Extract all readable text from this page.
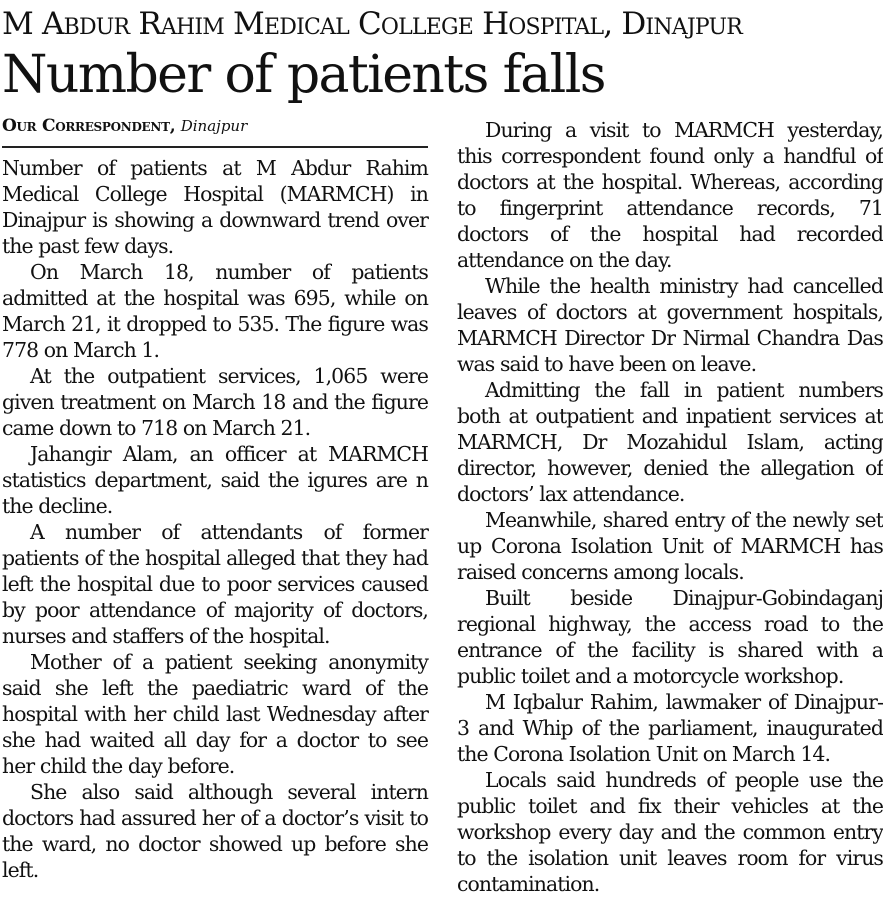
M Abdur Rahim Medical College Hospital, Dinajpur
Number of patients falls
Our Correspondent, Dinajpur

Number of patients at M Abdur Rahim Medical College Hospital (MARMCH) in Dinajpur is showing a downward trend over the past few days.

On March 18, number of patients admitted at the hospital was 695, while on March 21, it dropped to 535. The figure was 778 on March 1.

At the outpatient services, 1,065 were given treatment on March 18 and the figure came down to 718 on March 21.

Jahangir Alam, an officer at MARMCH statistics department, said the igures are n the decline.

A number of attendants of former patients of the hospital alleged that they had left the hospital due to poor services caused by poor attendance of majority of doctors, nurses and staffers of the hospital.

Mother of a patient seeking anonymity said she left the paediatric ward of the hospital with her child last Wednesday after she had waited all day for a doctor to see her child the day before.

She also said although several intern doctors had assured her of a doctor’s visit to the ward, no doctor showed up before she left.

During a visit to MARMCH yesterday, this correspondent found only a handful of doctors at the hospital. Whereas, according to fingerprint attendance records, 71 doctors of the hospital had recorded attendance on the day.

While the health ministry had cancelled leaves of doctors at government hospitals, MARMCH Director Dr Nirmal Chandra Das was said to have been on leave.

Admitting the fall in patient numbers both at outpatient and inpatient services at MARMCH, Dr Mozahidul Islam, acting director, however, denied the allegation of doctors’ lax attendance.

Meanwhile, shared entry of the newly set up Corona Isolation Unit of MARMCH has raised concerns among locals.

Built beside Dinajpur-Gobindaganj regional highway, the access road to the entrance of the facility is shared with a public toilet and a motorcycle workshop.

M Iqbalur Rahim, lawmaker of Dinajpur-3 and Whip of the parliament, inaugurated the Corona Isolation Unit on March 14.

Locals said hundreds of people use the public toilet and fix their vehicles at the workshop every day and the common entry to the isolation unit leaves room for virus contamination.
